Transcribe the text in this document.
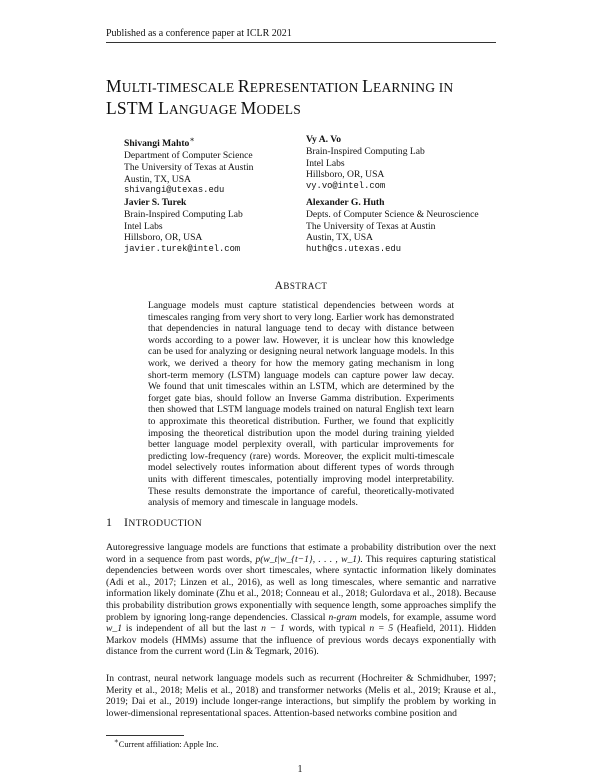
Published as a conference paper at ICLR 2021
MULTI-TIMESCALE REPRESENTATION LEARNING IN
LSTM LANGUAGE MODELS
Shivangi Mahto∗
Department of Computer Science
The University of Texas at Austin
Austin, TX, USA
shivangi@utexas.edu
Vy A. Vo
Brain-Inspired Computing Lab
Intel Labs
Hillsboro, OR, USA
vy.vo@intel.com
Javier S. Turek
Brain-Inspired Computing Lab
Intel Labs
Hillsboro, OR, USA
javier.turek@intel.com
Alexander G. Huth
Depts. of Computer Science & Neuroscience
The University of Texas at Austin
Austin, TX, USA
huth@cs.utexas.edu
ABSTRACT

Language models must capture statistical dependencies between words at timescales ranging from very short to very long. Earlier work has demonstrated that dependencies in natural language tend to decay with distance between words according to a power law. However, it is unclear how this knowledge can be used for analyzing or designing neural network language models. In this work, we derived a theory for how the memory gating mechanism in long short-term memory (LSTM) language models can capture power law decay. We found that unit timescales within an LSTM, which are determined by the forget gate bias, should follow an Inverse Gamma distribution. Experiments then showed that LSTM language models trained on natural English text learn to approximate this theoretical distribution. Further, we found that explicitly imposing the theoretical distribution upon the model during training yielded better language model perplexity overall, with particular improvements for predicting low-frequency (rare) words. Moreover, the explicit multi-timescale model selectively routes information about different types of words through units with different timescales, potentially improving model interpretability. These results demonstrate the importance of careful, theoretically-motivated analysis of memory and timescale in language models.

1 INTRODUCTION

Autoregressive language models are functions that estimate a probability distribution over the next word in a sequence from past words, p(w_t|w_{t−1}, . . . , w_1). This requires capturing statistical dependencies between words over short timescales, where syntactic information likely dominates (Adi et al., 2017; Linzen et al., 2016), as well as long timescales, where semantic and narrative information likely dominate (Zhu et al., 2018; Conneau et al., 2018; Gulordava et al., 2018). Because this probability distribution grows exponentially with sequence length, some approaches simplify the problem by ignoring long-range dependencies. Classical n-gram models, for example, assume word w_1 is independent of all but the last n − 1 words, with typical n = 5 (Heafield, 2011). Hidden Markov models (HMMs) assume that the influence of previous words decays exponentially with distance from the current word (Lin & Tegmark, 2016).

In contrast, neural network language models such as recurrent (Hochreiter & Schmidhuber, 1997; Merity et al., 2018; Melis et al., 2018) and transformer networks (Melis et al., 2019; Krause et al., 2019; Dai et al., 2019) include longer-range interactions, but simplify the problem by working in lower-dimensional representational spaces. Attention-based networks combine position and

∗Current affiliation: Apple Inc.
1
